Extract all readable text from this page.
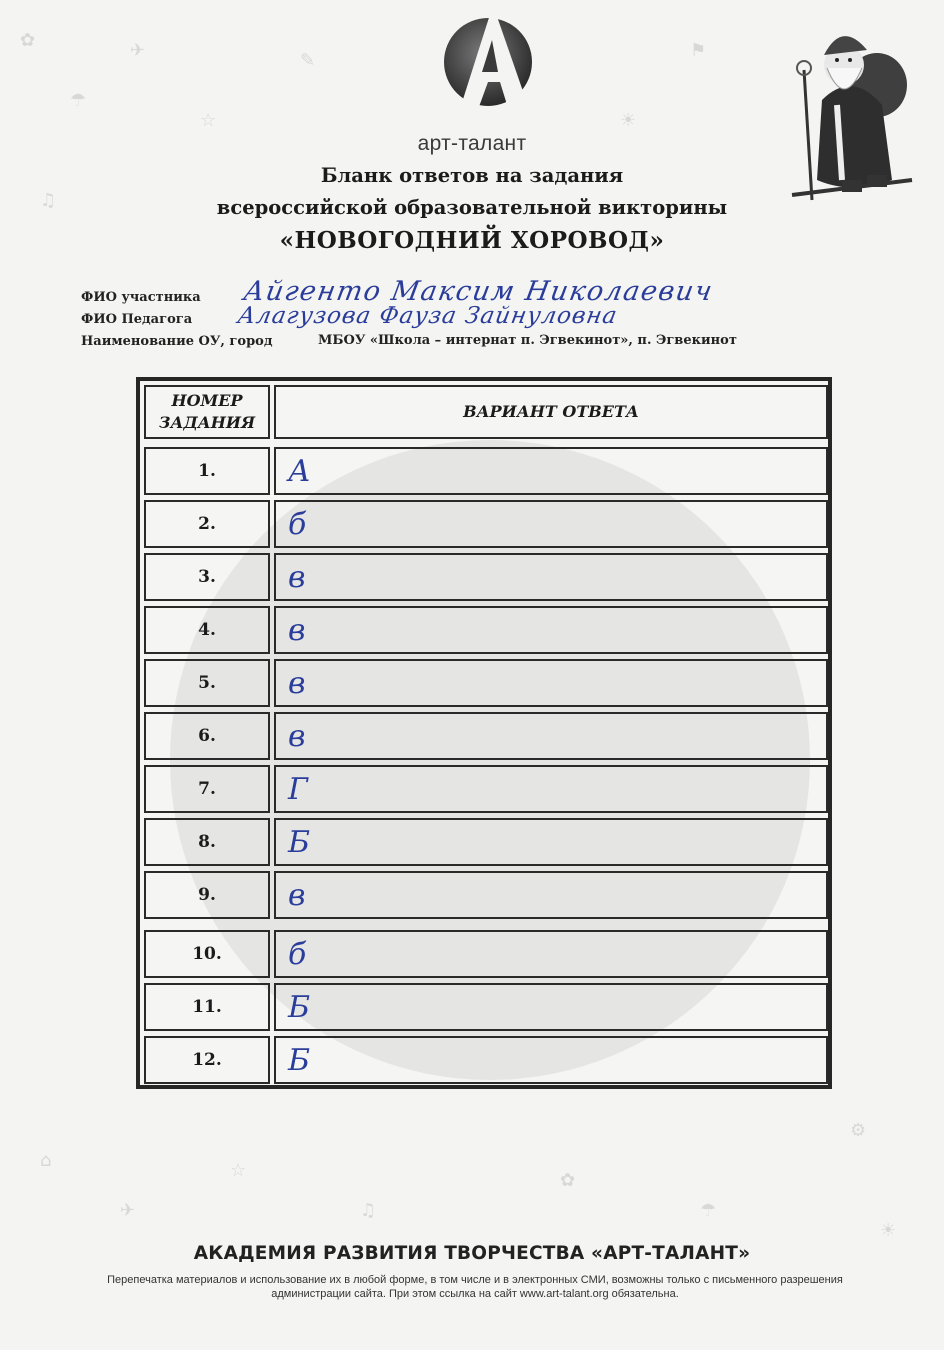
✿
☂
✈
☆
♫
✎	⚑
☀
⌂
✈
☆
♫
✿
☂
⚙
☀
арт-талант
Бланк ответов на задания
всероссийской образовательной викторины
«НОВОГОДНИЙ ХОРОВОД»
ФИО участника Айгенто Максим Николаевич
ФИО Педагога Алагузова Фауза Зайнуловна
Наименование ОУ, город	МБОУ «Школа – интернат п. Эгвекинот», п. Эгвекинот
НОМЕР
ЗАДАНИЯ
ВАРИАНТ ОТВЕТА
1.	А
2.	б
3.	в
4.	в
5.	в
6.	в
7.	Г
8.	Б
9.	в
10.	б
11.	Б
12.	Б
АКАДЕМИЯ РАЗВИТИЯ ТВОРЧЕСТВА «АРТ-ТАЛАНТ»
Перепечатка материалов и использование их в любой форме, в том числе и в электронных СМИ, возможны только с письменного разрешения администрации сайта. При этом ссылка на сайт www.art-talant.org обязательна.
